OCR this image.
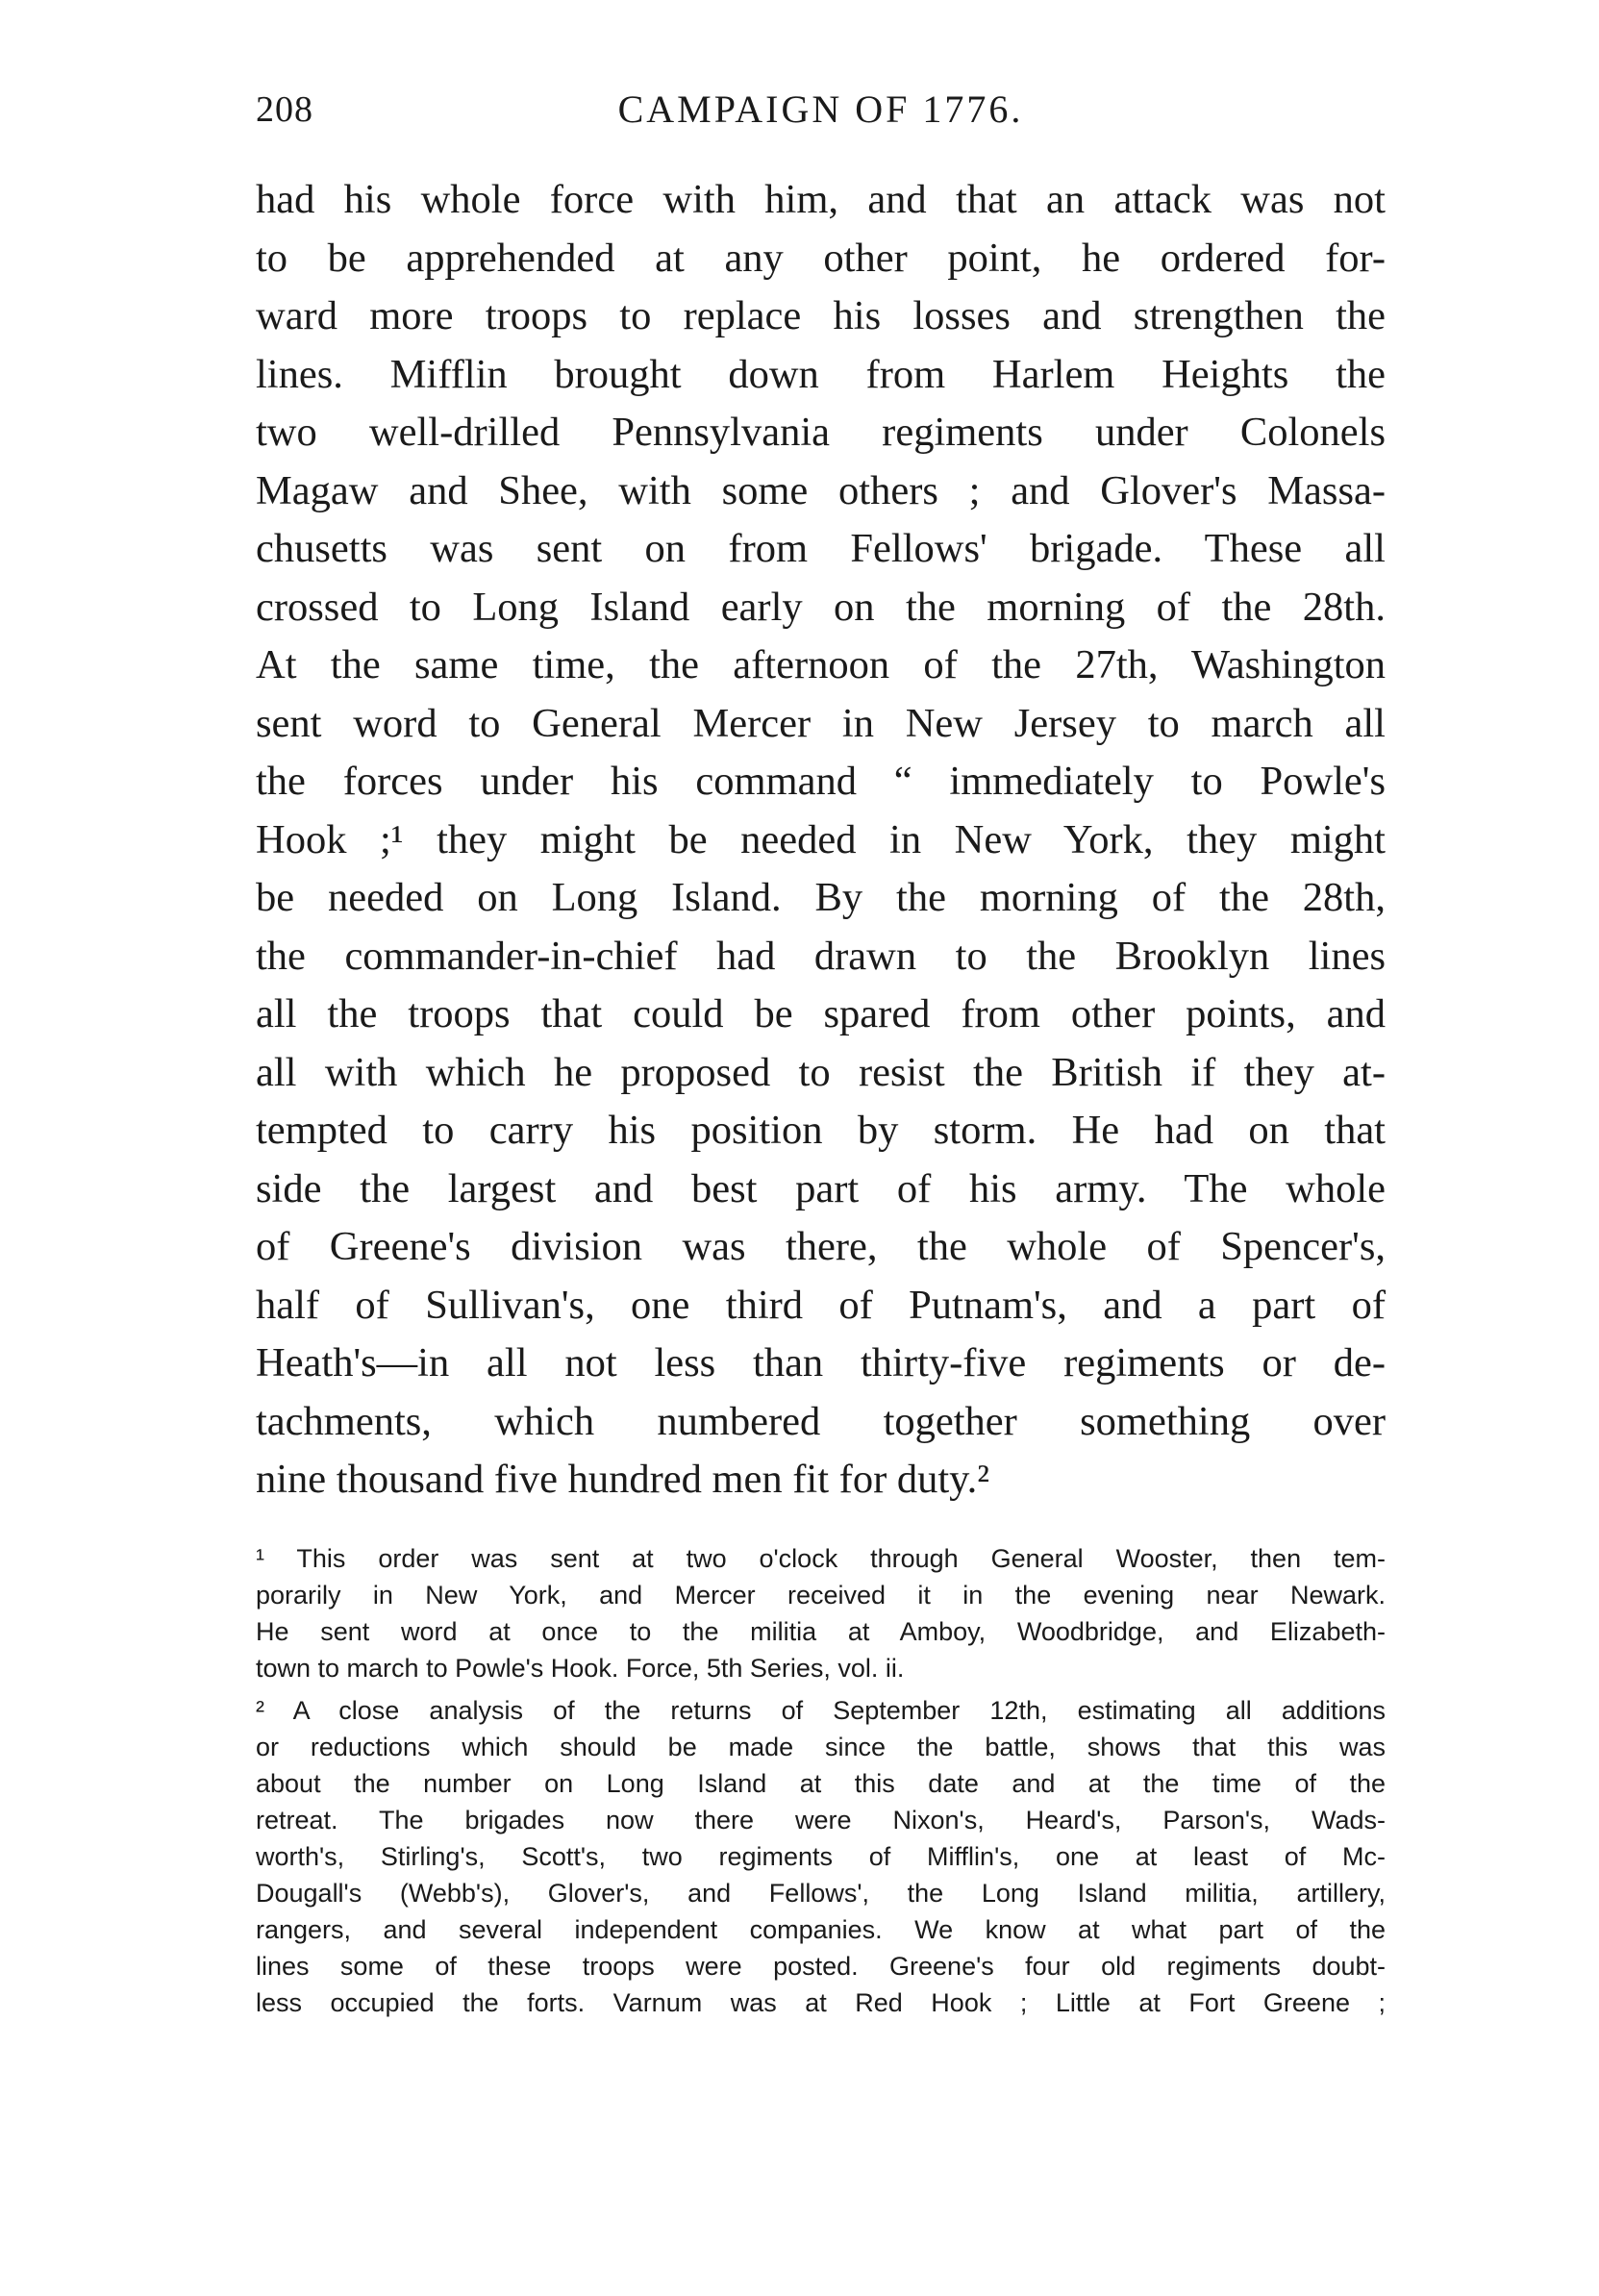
208	CAMPAIGN OF 1776.
had his whole force with him, and that an attack was not
to be apprehended at any other point, he ordered for-
ward more troops to replace his losses and strengthen the
lines. Mifflin brought down from Harlem Heights the
two well-drilled Pennsylvania regiments under Colonels
Magaw and Shee, with some others ; and Glover's Massa-
chusetts was sent on from Fellows' brigade. These all
crossed to Long Island early on the morning of the 28th.
At the same time, the afternoon of the 27th, Washington
sent word to General Mercer in New Jersey to march all
the forces under his command “ immediately to Powle's
Hook ;¹ they might be needed in New York, they might
be needed on Long Island. By the morning of the 28th,
the commander-in-chief had drawn to the Brooklyn lines
all the troops that could be spared from other points, and
all with which he proposed to resist the British if they at-
tempted to carry his position by storm. He had on that
side the largest and best part of his army. The whole
of Greene's division was there, the whole of Spencer's,
half of Sullivan's, one third of Putnam's, and a part of
Heath's—in all not less than thirty-five regiments or de-
tachments, which numbered together something over
nine thousand five hundred men fit for duty.²
¹ This order was sent at two o'clock through General Wooster, then tem-
porarily in New York, and Mercer received it in the evening near Newark.
He sent word at once to the militia at Amboy, Woodbridge, and Elizabeth-
town to march to Powle's Hook. Force, 5th Series, vol. ii.
² A close analysis of the returns of September 12th, estimating all additions
or reductions which should be made since the battle, shows that this was
about the number on Long Island at this date and at the time of the
retreat. The brigades now there were Nixon's, Heard's, Parson's, Wads-
worth's, Stirling's, Scott's, two regiments of Mifflin's, one at least of Mc-
Dougall's (Webb's), Glover's, and Fellows', the Long Island militia, artillery,
rangers, and several independent companies. We know at what part of the
lines some of these troops were posted. Greene's four old regiments doubt-
less occupied the forts. Varnum was at Red Hook ; Little at Fort Greene ;
